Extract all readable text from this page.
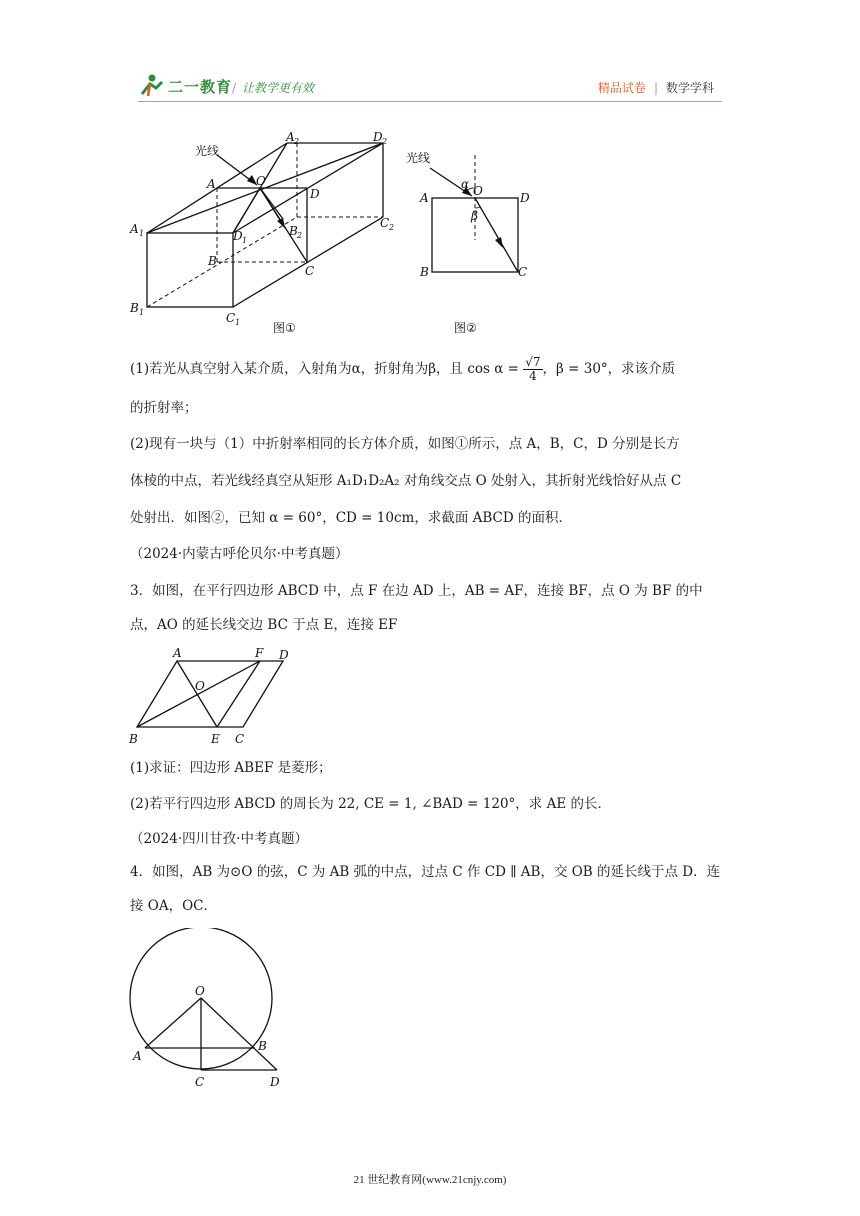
二一教育 / 让教学更有效	精品试卷 | 数学学科
光线
A 2	D 2
A	O
D
A 1	D 1
B 2
C 2
B
C
B 1	C 1	图①
光线
α O
A	D
β
B	C
图②
(1)若光从真空射入某介质，入射角为α，折射角为β，且 $\cos \alpha = \frac{√7}{4}$ ，β = 30°，求该介质
的折射率；
(2)现有一块与（1）中折射率相同的长方体介质，如图①所示，点 A，B，C，D 分别是长方
体棱的中点，若光线经真空从矩形 A₁D₁D₂A₂ 对角线交点 O 处射入，其折射光线恰好从点 C
处射出．如图②，已知 α = 60°，CD = 10cm，求截面 ABCD 的面积．
（2024·内蒙古呼伦贝尔·中考真题）
3．如图，在平行四边形 ABCD 中，点 F 在边 AD 上，AB = AF，连接 BF，点 O 为 BF 的中
点，AO 的延长线交边 BC 于点 E，连接 EF
A	F D
O
B	E C
(1)求证：四边形 ABEF 是菱形；
(2)若平行四边形 ABCD 的周长为 22, CE = 1, ∠BAD = 120°，求 AE 的长．
（2024·四川甘孜·中考真题）
4．如图，AB 为⊙O 的弦，C 为 AB 弧的中点，过点 C 作 CD ∥ AB，交 OB 的延长线于点 D．连
接 OA，OC．
O
A
B
C	D
21 世纪教育网(www.21cnjy.com)
